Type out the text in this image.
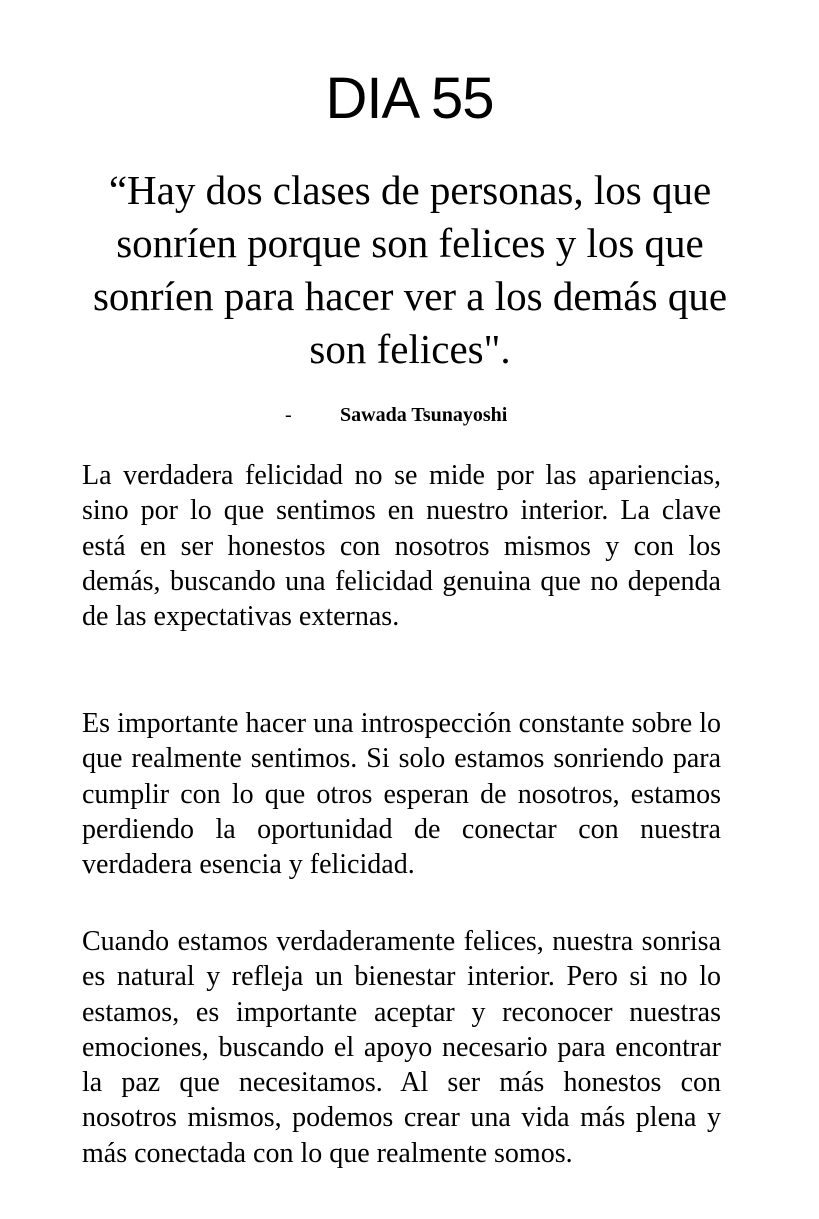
DIA 55
“Hay dos clases de personas, los que sonríen porque son felices y los que sonríen para hacer ver a los demás que son felices".
- Sawada Tsunayoshi

La verdadera felicidad no se mide por las apariencias, sino por lo que sentimos en nuestro interior. La clave está en ser honestos con nosotros mismos y con los demás, buscando una felicidad genuina que no dependa de las expectativas externas.

Es importante hacer una introspección constante sobre lo que realmente sentimos. Si solo estamos sonriendo para cumplir con lo que otros esperan de nosotros, estamos perdiendo la oportunidad de conectar con nuestra verdadera esencia y felicidad.

Cuando estamos verdaderamente felices, nuestra sonrisa es natural y refleja un bienestar interior. Pero si no lo estamos, es importante aceptar y reconocer nuestras emociones, buscando el apoyo necesario para encontrar la paz que necesitamos. Al ser más honestos con nosotros mismos, podemos crear una vida más plena y más conectada con lo que realmente somos.
